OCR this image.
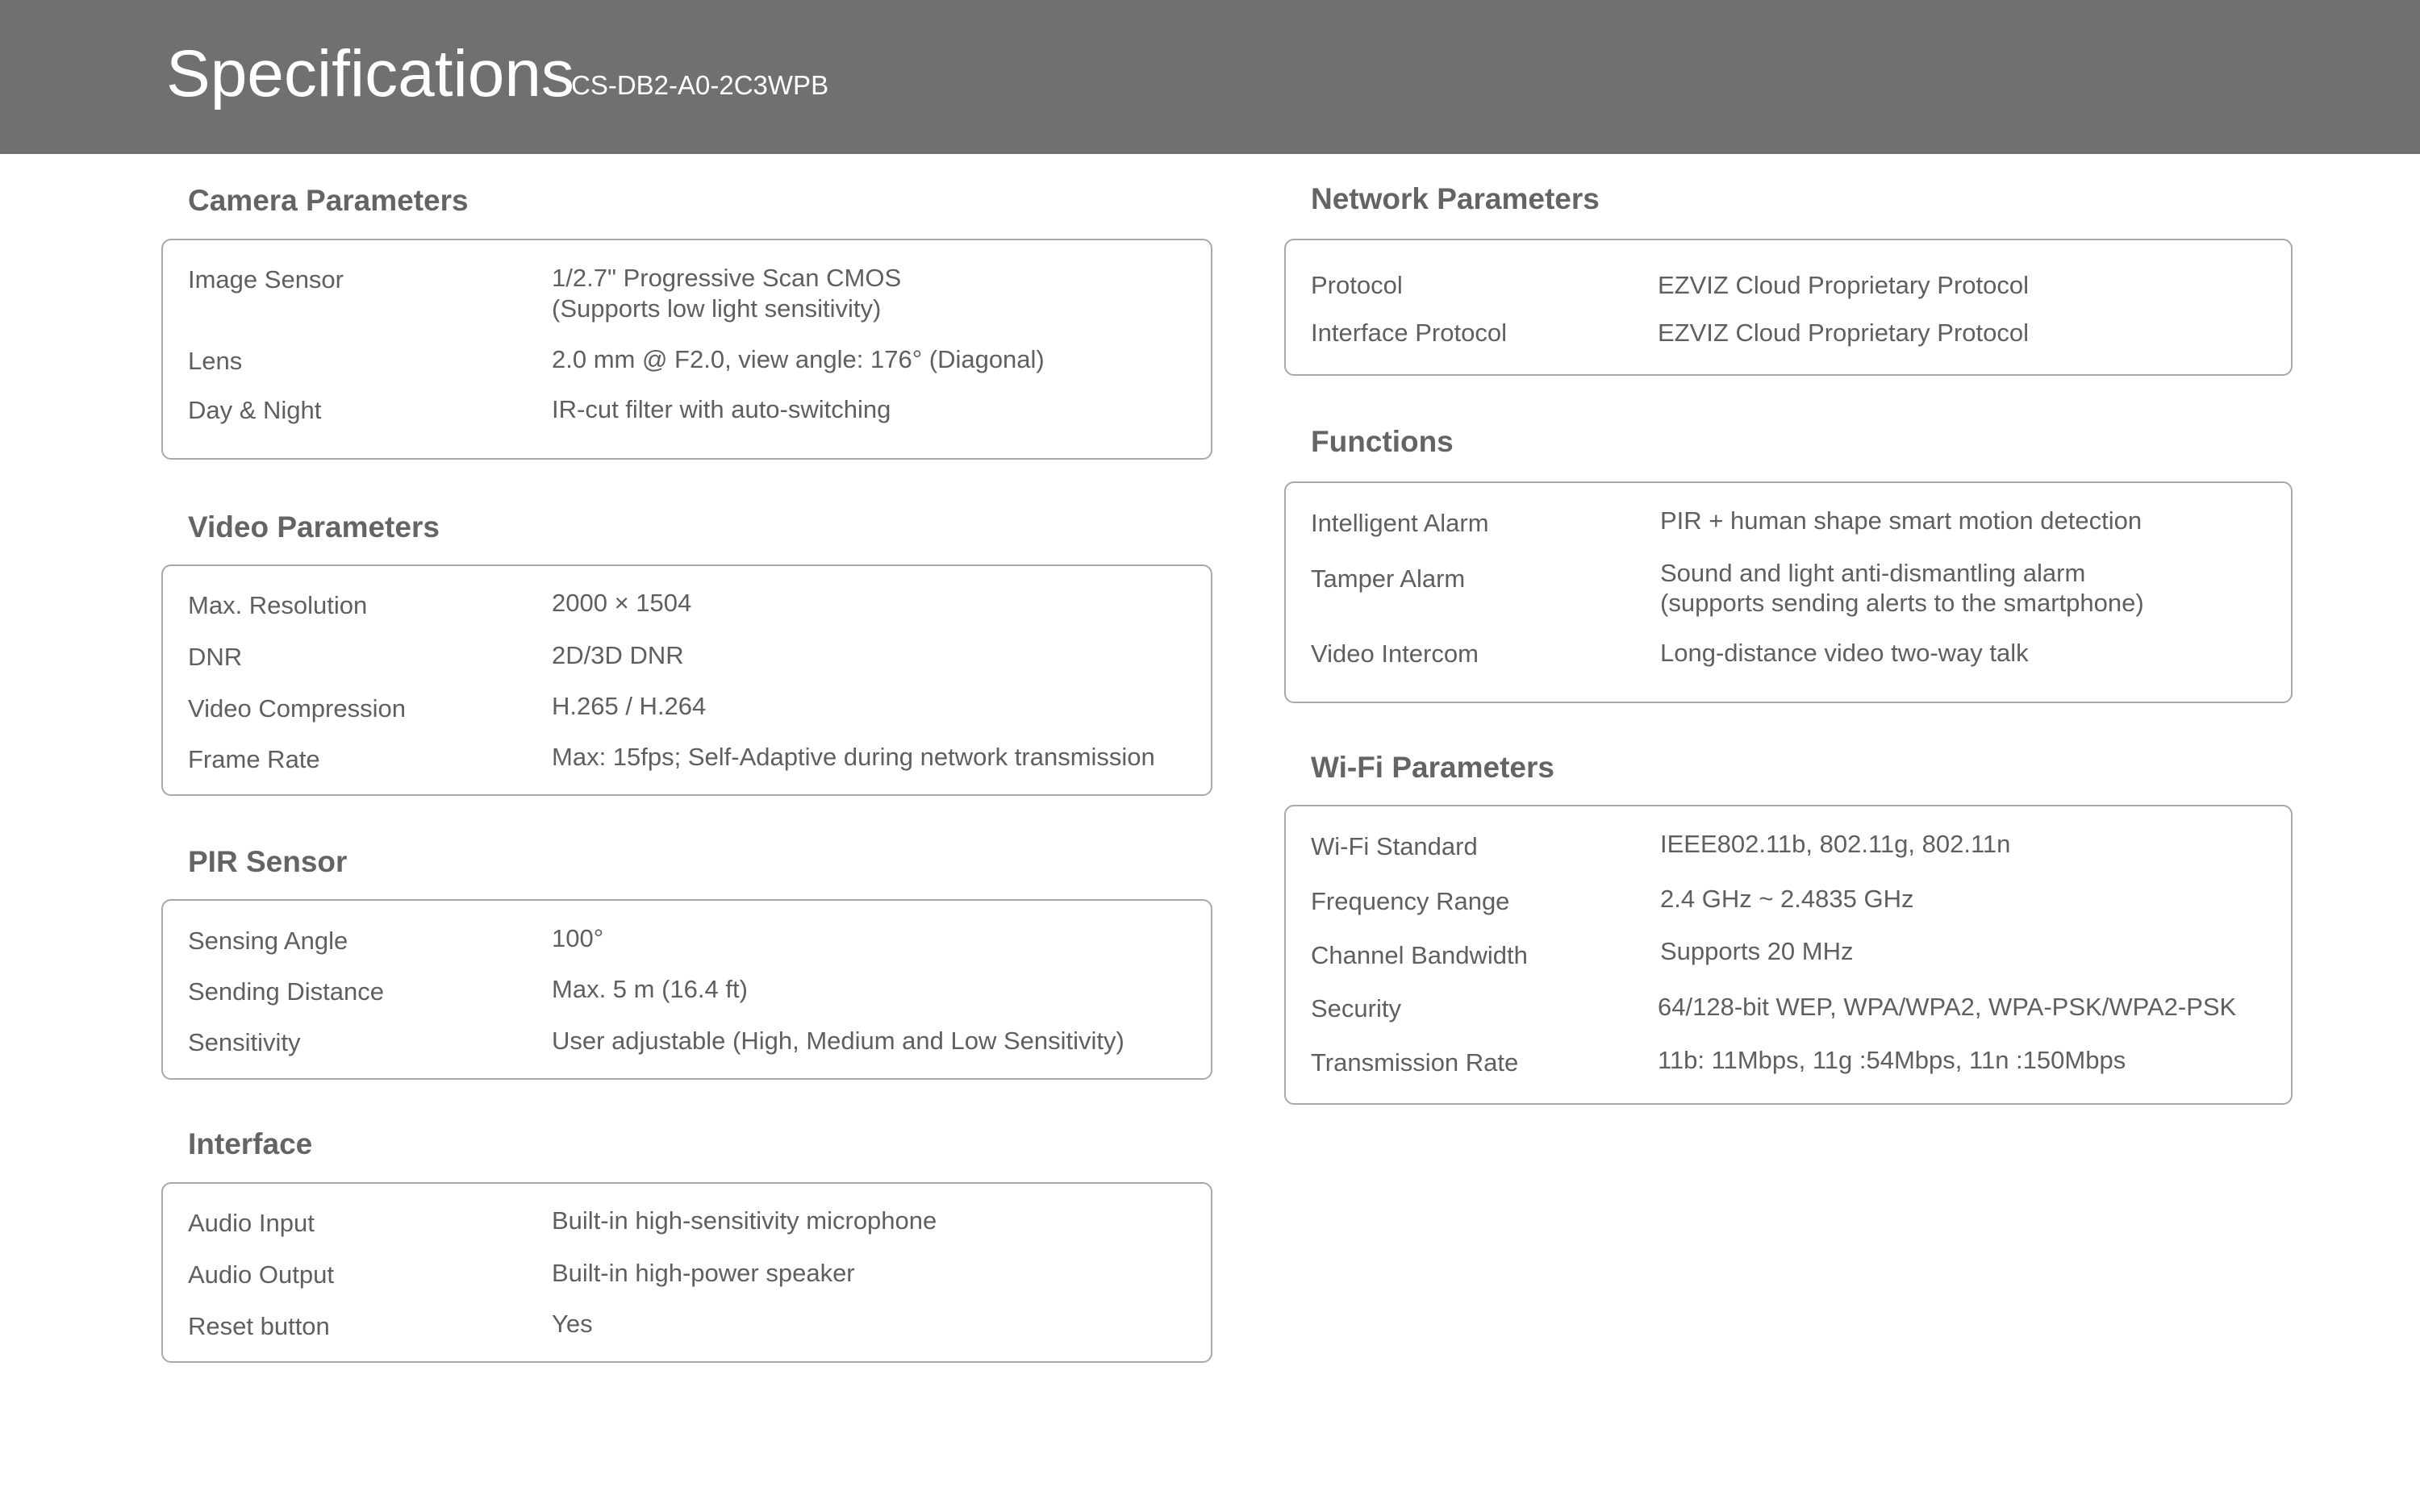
Specifications
CS-DB2-A0-2C3WPB
Camera Parameters
Image Sensor	1/2.7" Progressive Scan CMOS
(Supports low light sensitivity)
Lens	2.0 mm @ F2.0, view angle: 176° (Diagonal)
Day & Night	IR-cut filter with auto-switching
Video Parameters
Max. Resolution	2000 × 1504
DNR	2D/3D DNR
Video Compression	H.265 / H.264
Frame Rate	Max: 15fps; Self-Adaptive during network transmission
PIR Sensor
Sensing Angle	100°
Sending Distance	Max. 5 m (16.4 ft)
Sensitivity	User adjustable (High, Medium and Low Sensitivity)
Interface
Audio Input	Built-in high-sensitivity microphone
Audio Output	Built-in high-power speaker
Reset button	Yes
Network Parameters
Protocol	EZVIZ Cloud Proprietary Protocol
Interface Protocol	EZVIZ Cloud Proprietary Protocol
Functions
Intelligent Alarm	PIR + human shape smart motion detection
Tamper Alarm	Sound and light anti-dismantling alarm
(supports sending alerts to the smartphone)
Video Intercom	Long-distance video two-way talk
Wi-Fi Parameters
Wi-Fi Standard	IEEE802.11b, 802.11g, 802.11n
Frequency Range	2.4 GHz ~ 2.4835 GHz
Channel Bandwidth	Supports 20 MHz
Security	64/128-bit WEP, WPA/WPA2, WPA-PSK/WPA2-PSK
Transmission Rate	11b: 11Mbps, 11g :54Mbps, 11n :150Mbps
